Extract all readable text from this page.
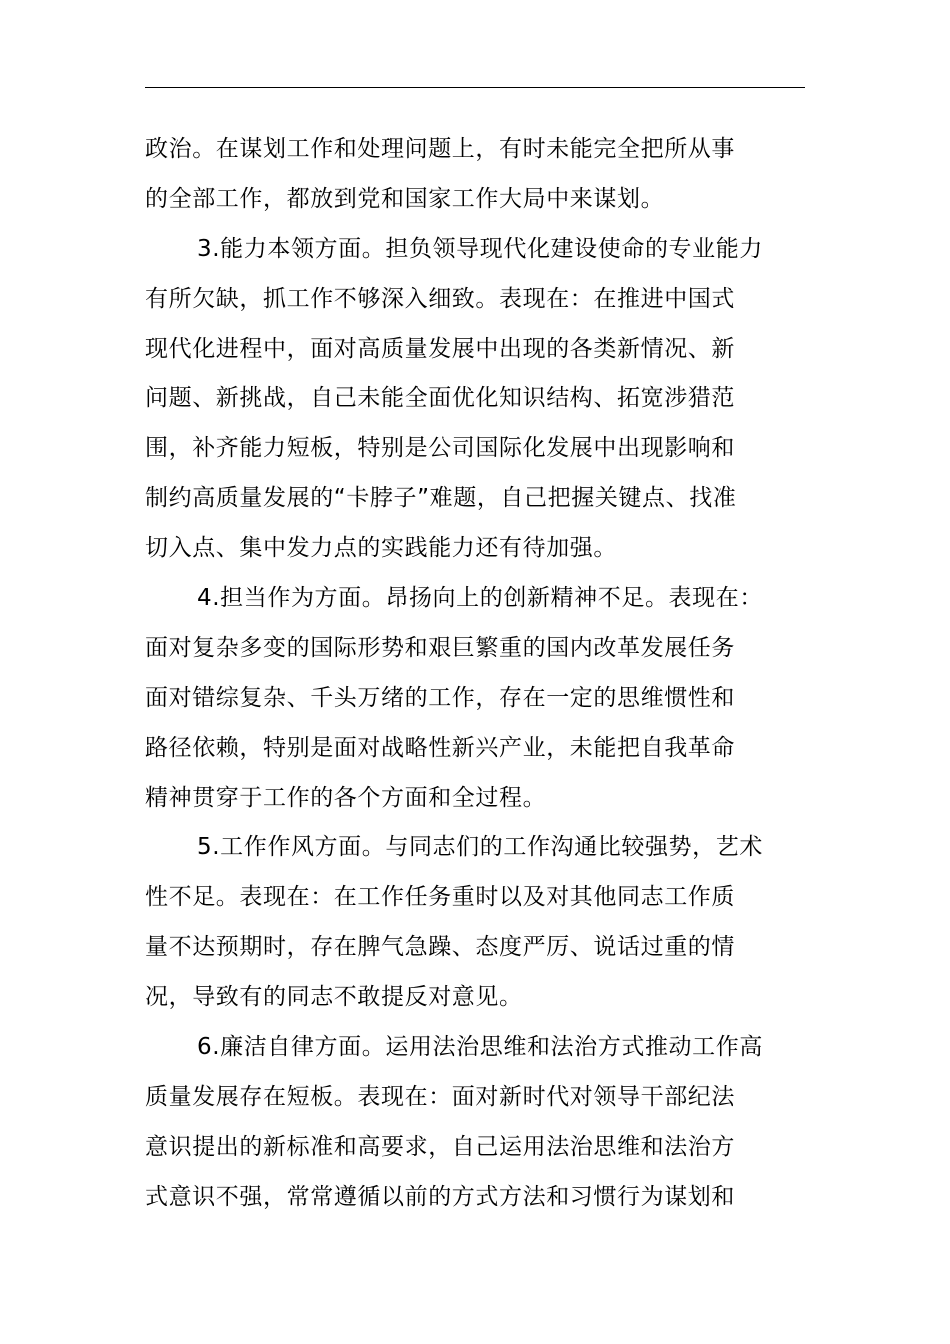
政治。在谋划工作和处理问题上，有时未能完全把所从事
的全部工作，都放到党和国家工作大局中来谋划。
3.能力本领方面。担负领导现代化建设使命的专业能力
有所欠缺，抓工作不够深入细致。表现在：在推进中国式
现代化进程中，面对高质量发展中出现的各类新情况、新
问题、新挑战，自己未能全面优化知识结构、拓宽涉猎范
围，补齐能力短板，特别是公司国际化发展中出现影响和
制约高质量发展的“卡脖子”难题，自己把握关键点、找准
切入点、集中发力点的实践能力还有待加强。
4.担当作为方面。昂扬向上的创新精神不足。表现在：
面对复杂多变的国际形势和艰巨繁重的国内改革发展任务
面对错综复杂、千头万绪的工作，存在一定的思维惯性和
路径依赖，特别是面对战略性新兴产业，未能把自我革命
精神贯穿于工作的各个方面和全过程。
5.工作作风方面。与同志们的工作沟通比较强势，艺术
性不足。表现在：在工作任务重时以及对其他同志工作质
量不达预期时，存在脾气急躁、态度严厉、说话过重的情
况，导致有的同志不敢提反对意见。
6.廉洁自律方面。运用法治思维和法治方式推动工作高
质量发展存在短板。表现在：面对新时代对领导干部纪法
意识提出的新标准和高要求，自己运用法治思维和法治方
式意识不强，常常遵循以前的方式方法和习惯行为谋划和
